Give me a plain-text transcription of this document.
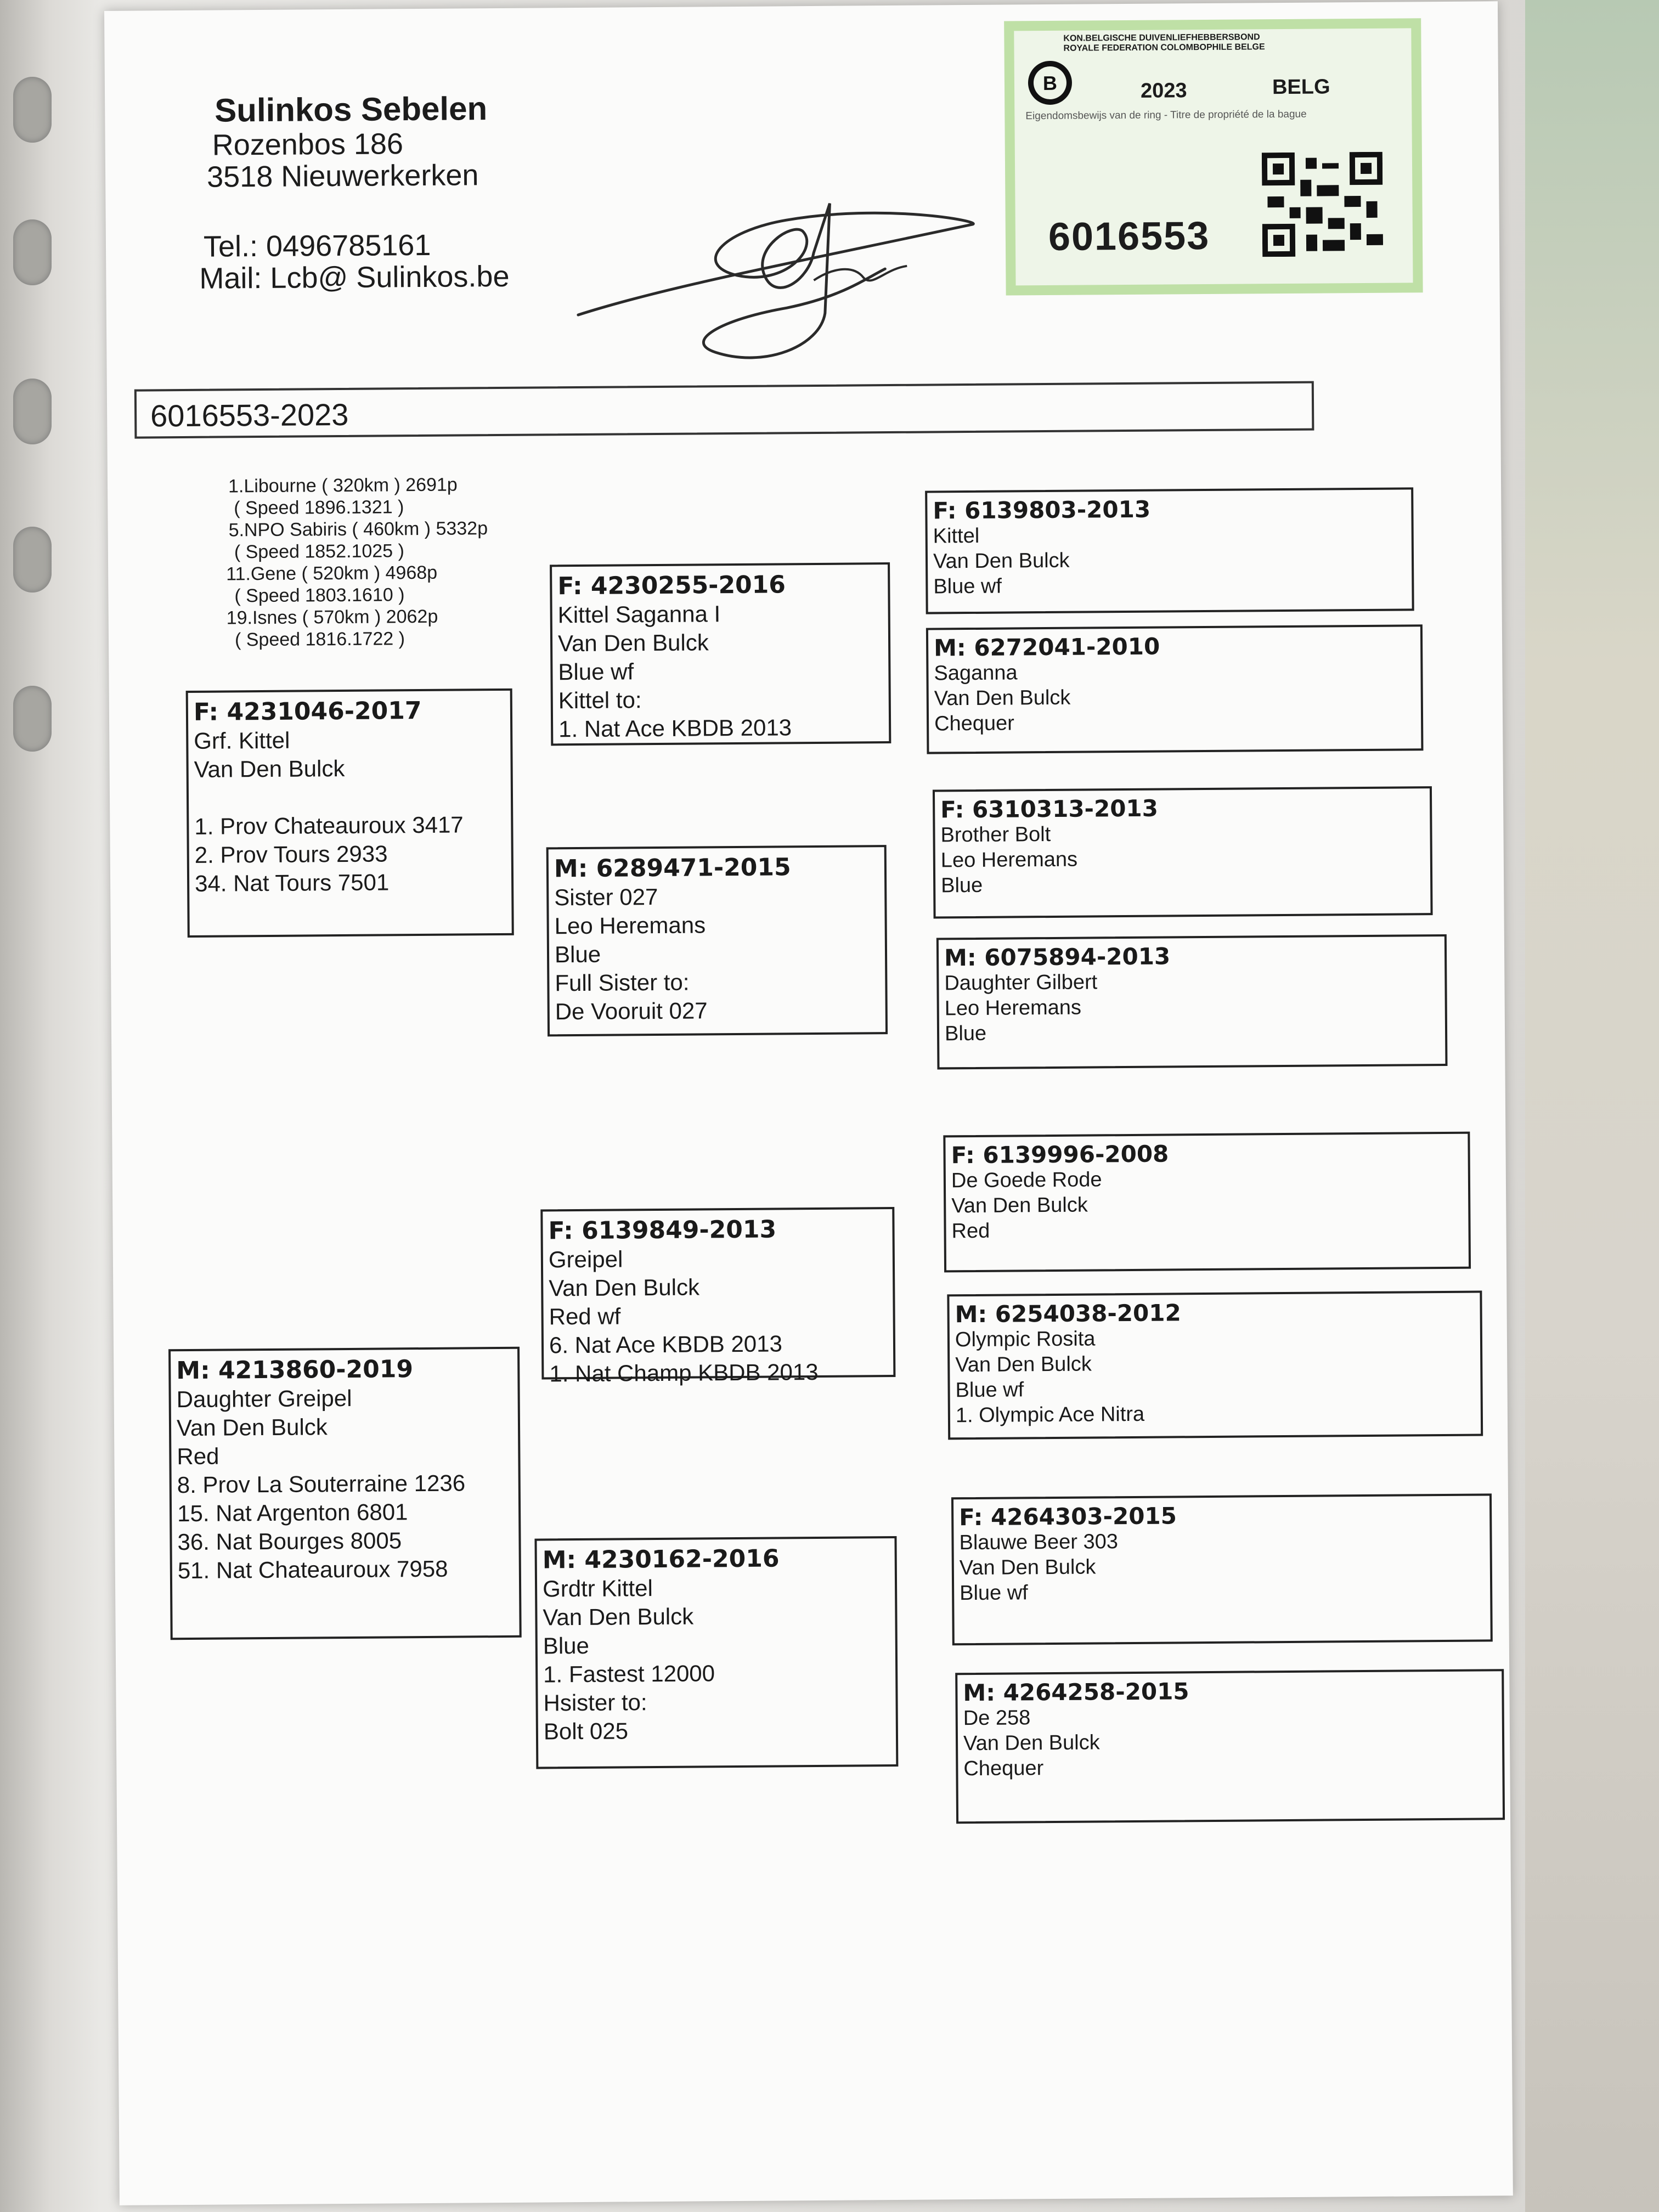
Sulinkos Sebelen
Rozenbos 186
3518 Nieuwerkerken
Tel.: 0496785161
Mail: Lcb@ Sulinkos.be
B
KON.BELGISCHE DUIVENLIEFHEBBERSBOND
ROYALE FEDERATION COLOMBOPHILE BELGE
2023	BELG
Eigendomsbewijs van de ring - Titre de propriété de la bague
6016553
6016553-2023
1.Libourne ( 320km ) 2691p
( Speed 1896.1321 )
5.NPO Sabiris ( 460km ) 5332p
( Speed 1852.1025 )
11.Gene ( 520km ) 4968p
( Speed 1803.1610 )
19.Isnes ( 570km ) 2062p
( Speed 1816.1722 )
F: 4231046-2017
Grf. Kittel
Van Den Bulck

1. Prov Chateauroux 3417
2. Prov Tours 2933
34. Nat Tours 7501
M: 4213860-2019
Daughter Greipel
Van Den Bulck
Red
8. Prov La Souterraine 1236
15. Nat Argenton 6801
36. Nat Bourges 8005
51. Nat Chateauroux 7958
F: 4230255-2016
Kittel Saganna I
Van Den Bulck
Blue wf
Kittel to:
1. Nat Ace KBDB 2013
M: 6289471-2015
Sister 027
Leo Heremans
Blue
Full Sister to:
De Vooruit 027
F: 6139849-2013
Greipel
Van Den Bulck
Red wf
6. Nat Ace KBDB 2013
1. Nat Champ KBDB 2013
M: 4230162-2016
Grdtr Kittel
Van Den Bulck
Blue
1. Fastest 12000
Hsister to:
Bolt 025
F: 6139803-2013
Kittel
Van Den Bulck
Blue wf
M: 6272041-2010
Saganna
Van Den Bulck
Chequer
F: 6310313-2013
Brother Bolt
Leo Heremans
Blue
M: 6075894-2013
Daughter Gilbert
Leo Heremans
Blue
F: 6139996-2008
De Goede Rode
Van Den Bulck
Red
M: 6254038-2012
Olympic Rosita
Van Den Bulck
Blue wf
1. Olympic Ace Nitra
F: 4264303-2015
Blauwe Beer 303
Van Den Bulck
Blue wf
M: 4264258-2015
De 258
Van Den Bulck
Chequer
